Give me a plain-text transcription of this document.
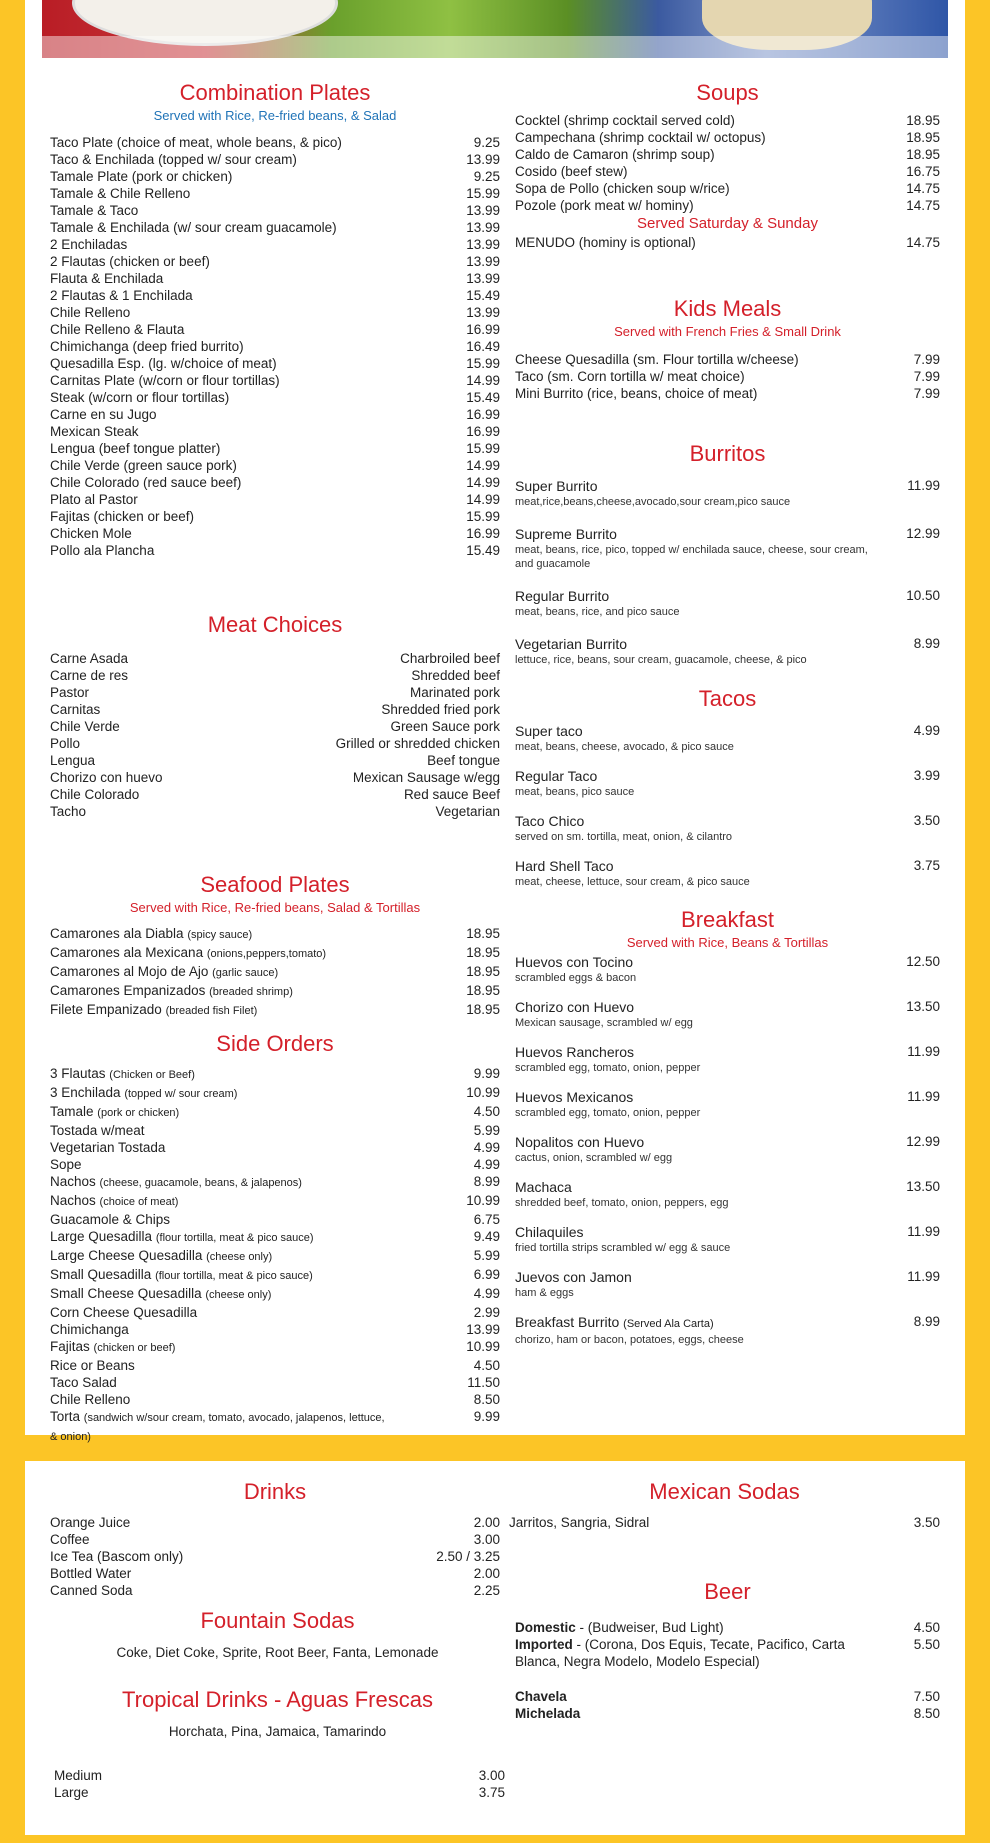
Combination Plates
Served with Rice, Re-fried beans, & Salad
Taco Plate (choice of meat, whole beans, & pico)	9.25
Taco & Enchilada (topped w/ sour cream)	13.99
Tamale Plate (pork or chicken)	9.25
Tamale & Chile Relleno	15.99
Tamale & Taco	13.99
Tamale & Enchilada (w/ sour cream guacamole)	13.99
2 Enchiladas	13.99
2 Flautas (chicken or beef)	13.99
Flauta & Enchilada	13.99
2 Flautas & 1 Enchilada	15.49
Chile Relleno	13.99
Chile Relleno & Flauta	16.99
Chimichanga (deep fried burrito)	16.49
Quesadilla Esp. (lg. w/choice of meat)	15.99
Carnitas Plate (w/corn or flour tortillas)	14.99
Steak (w/corn or flour tortillas)	15.49
Carne en su Jugo	16.99
Mexican Steak	16.99
Lengua (beef tongue platter)	15.99
Chile Verde (green sauce pork)	14.99
Chile Colorado (red sauce beef)	14.99
Plato al Pastor	14.99
Fajitas (chicken or beef)	15.99
Chicken Mole	16.99
Pollo ala Plancha	15.49
Meat Choices
Carne Asada	Charbroiled beef
Carne de res	Shredded beef
Pastor	Marinated pork
Carnitas	Shredded fried pork
Chile Verde	Green Sauce pork
Pollo	Grilled or shredded chicken
Lengua	Beef tongue
Chorizo con huevo	Mexican Sausage w/egg
Chile Colorado	Red sauce Beef
Tacho	Vegetarian
Seafood Plates
Served with Rice, Re-fried beans, Salad & Tortillas
Camarones ala Diabla (spicy sauce)	18.95
Camarones ala Mexicana (onions,peppers,tomato)	18.95
Camarones al Mojo de Ajo (garlic sauce)	18.95
Camarones Empanizados (breaded shrimp)	18.95
Filete Empanizado (breaded fish Filet)	18.95
Side Orders
3 Flautas (Chicken or Beef)	9.99
3 Enchilada (topped w/ sour cream)	10.99
Tamale (pork or chicken)	4.50
Tostada w/meat	5.99
Vegetarian Tostada	4.99
Sope	4.99
Nachos (cheese, guacamole, beans, & jalapenos)	8.99
Nachos (choice of meat)	10.99
Guacamole & Chips	6.75
Large Quesadilla (flour tortilla, meat & pico sauce)	9.49
Large Cheese Quesadilla (cheese only)	5.99
Small Quesadilla (flour tortilla, meat & pico sauce)	6.99
Small Cheese Quesadilla (cheese only)	4.99
Corn Cheese Quesadilla	2.99
Chimichanga	13.99
Fajitas (chicken or beef)	10.99
Rice or Beans	4.50
Taco Salad	11.50
Chile Relleno	8.50
Torta (sandwich w/sour cream, tomato, avocado, jalapenos, lettuce, & onion)
9.99
Soups
Cocktel (shrimp cocktail served cold)	18.95
Campechana (shrimp cocktail w/ octopus)	18.95
Caldo de Camaron (shrimp soup)	18.95
Cosido (beef stew)	16.75
Sopa de Pollo (chicken soup w/rice)	14.75
Pozole (pork meat w/ hominy)	14.75
Served Saturday & Sunday
MENUDO (hominy is optional)	14.75
Kids Meals
Served with French Fries & Small Drink
Cheese Quesadilla (sm. Flour tortilla w/cheese)	7.99
Taco (sm. Corn tortilla w/ meat choice)	7.99
Mini Burrito (rice, beans, choice of meat)	7.99
Burritos
Super Burrito	11.99
meat,rice,beans,cheese,avocado,sour cream,pico sauce
Supreme Burrito	12.99
meat, beans, rice, pico, topped w/ enchilada sauce, cheese, sour cream, and guacamole
Regular Burrito	10.50
meat, beans, rice, and pico sauce
Vegetarian Burrito	8.99
lettuce, rice, beans, sour cream, guacamole, cheese, & pico
Tacos
Super taco	4.99
meat, beans, cheese, avocado, & pico sauce
Regular Taco	3.99
meat, beans, pico sauce
Taco Chico	3.50
served on sm. tortilla, meat, onion, & cilantro
Hard Shell Taco	3.75
meat, cheese, lettuce, sour cream, & pico sauce
Breakfast
Served with Rice, Beans & Tortillas
Huevos con Tocino	12.50
scrambled eggs & bacon
Chorizo con Huevo	13.50
Mexican sausage, scrambled w/ egg
Huevos Rancheros	11.99
scrambled egg, tomato, onion, pepper
Huevos Mexicanos	11.99
scrambled egg, tomato, onion, pepper
Nopalitos con Huevo	12.99
cactus, onion, scrambled w/ egg
Machaca	13.50
shredded beef, tomato, onion, peppers, egg
Chilaquiles	11.99
fried tortilla strips scrambled w/ egg & sauce
Juevos con Jamon	11.99
ham & eggs
Breakfast Burrito (Served Ala Carta)	8.99
chorizo, ham or bacon, potatoes, eggs, cheese
Drinks
Orange Juice	2.00
Coffee	3.00
Ice Tea (Bascom only)	2.50 / 3.25
Bottled Water	2.00
Canned Soda	2.25
Fountain Sodas
Coke, Diet Coke, Sprite, Root Beer, Fanta, Lemonade
Tropical Drinks - Aguas Frescas
Horchata, Pina, Jamaica, Tamarindo
Medium	3.00
Large	3.75
Mexican Sodas
Jarritos, Sangria, Sidral	3.50
Beer
Domestic - (Budweiser, Bud Light)	4.50
Imported - (Corona, Dos Equis, Tecate, Pacifico, Carta Blanca, Negra Modelo, Modelo Especial)
5.50
Chavela	7.50
Michelada	8.50
